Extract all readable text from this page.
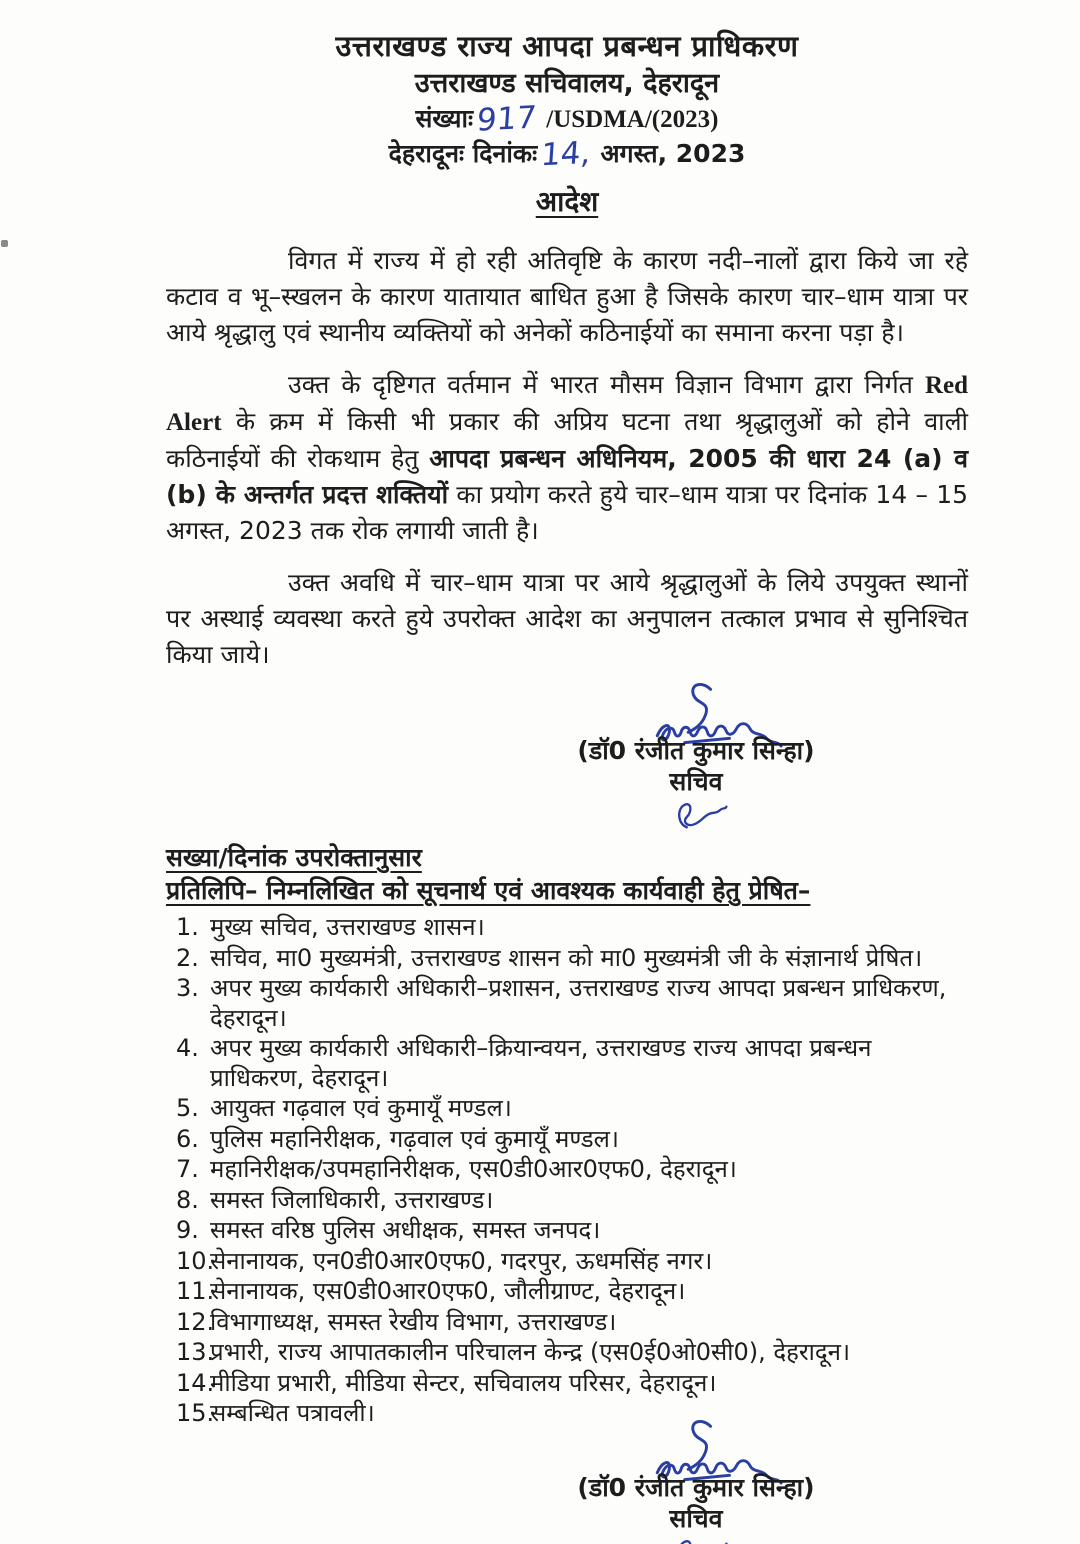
उत्तराखण्ड राज्य आपदा प्रबन्धन प्राधिकरण
उत्तराखण्ड सचिवालय, देहरादून
संख्याः917 /USDMA/(2023)
देहरादूनः दिनांकः14, अगस्त, 2023
आदेश

विगत में राज्य में हो रही अतिवृष्टि के कारण नदी–नालों द्वारा किये जा रहे कटाव व भू–स्खलन के कारण यातायात बाधित हुआ है जिसके कारण चार–धाम यात्रा पर आये श्रृद्धालु एवं स्थानीय व्यक्तियों को अनेकों कठिनाईयों का समाना करना पड़ा है।

उक्त के दृष्टिगत वर्तमान में भारत मौसम विज्ञान विभाग द्वारा निर्गत Red Alert के क्रम में किसी भी प्रकार की अप्रिय घटना तथा श्रृद्धालुओं को होने वाली कठिनाईयों की रोकथाम हेतु आपदा प्रबन्धन अधिनियम, 2005 की धारा 24 (a) व (b) के अन्तर्गत प्रदत्त शक्तियों का प्रयोग करते हुये चार–धाम यात्रा पर दिनांक 14 – 15 अगस्त, 2023 तक रोक लगायी जाती है।

उक्त अवधि में चार–धाम यात्रा पर आये श्रृद्धालुओं के लिये उपयुक्त स्थानों पर अस्थाई व्यवस्था करते हुये उपरोक्त आदेश का अनुपालन तत्काल प्रभाव से सुनिश्चित किया जाये।

(डॉ0 रंजीत कुमार सिन्हा)
सचिव
सख्या/दिनांक उपरोक्तानुसार
प्रतिलिपि– निम्नलिखित को सूचनार्थ एवं आवश्यक कार्यवाही हेतु प्रेषित–
1. मुख्य सचिव, उत्तराखण्ड शासन।
2. सचिव, मा0 मुख्यमंत्री, उत्तराखण्ड शासन को मा0 मुख्यमंत्री जी के संज्ञानार्थ प्रेषित।
3. अपर मुख्य कार्यकारी अधिकारी–प्रशासन, उत्तराखण्ड राज्य आपदा प्रबन्धन प्राधिकरण, देहरादून।
4. अपर मुख्य कार्यकारी अधिकारी–क्रियान्वयन, उत्तराखण्ड राज्य आपदा प्रबन्धन प्राधिकरण, देहरादून।
5. आयुक्त गढ़वाल एवं कुमायूँ मण्डल।
6. पुलिस महानिरीक्षक, गढ़वाल एवं कुमायूँ मण्डल।
7. महानिरीक्षक/उपमहानिरीक्षक, एस0डी0आर0एफ0, देहरादून।
8. समस्त जिलाधिकारी, उत्तराखण्ड।
9. समस्त वरिष्ठ पुलिस अधीक्षक, समस्त जनपद।
10.
सेनानायक, एन0डी0आर0एफ0, गदरपुर, ऊधमसिंह नगर।
11.
सेनानायक, एस0डी0आर0एफ0, जौलीग्राण्ट, देहरादून।
12.
विभागाध्यक्ष, समस्त रेखीय विभाग, उत्तराखण्ड।
13.
प्रभारी, राज्य आपातकालीन परिचालन केन्द्र (एस0ई0ओ0सी0), देहरादून।
14.
मीडिया प्रभारी, मीडिया सेन्टर, सचिवालय परिसर, देहरादून।
15.
सम्बन्धित पत्रावली।
(डॉ0 रंजीत कुमार सिन्हा)
सचिव
